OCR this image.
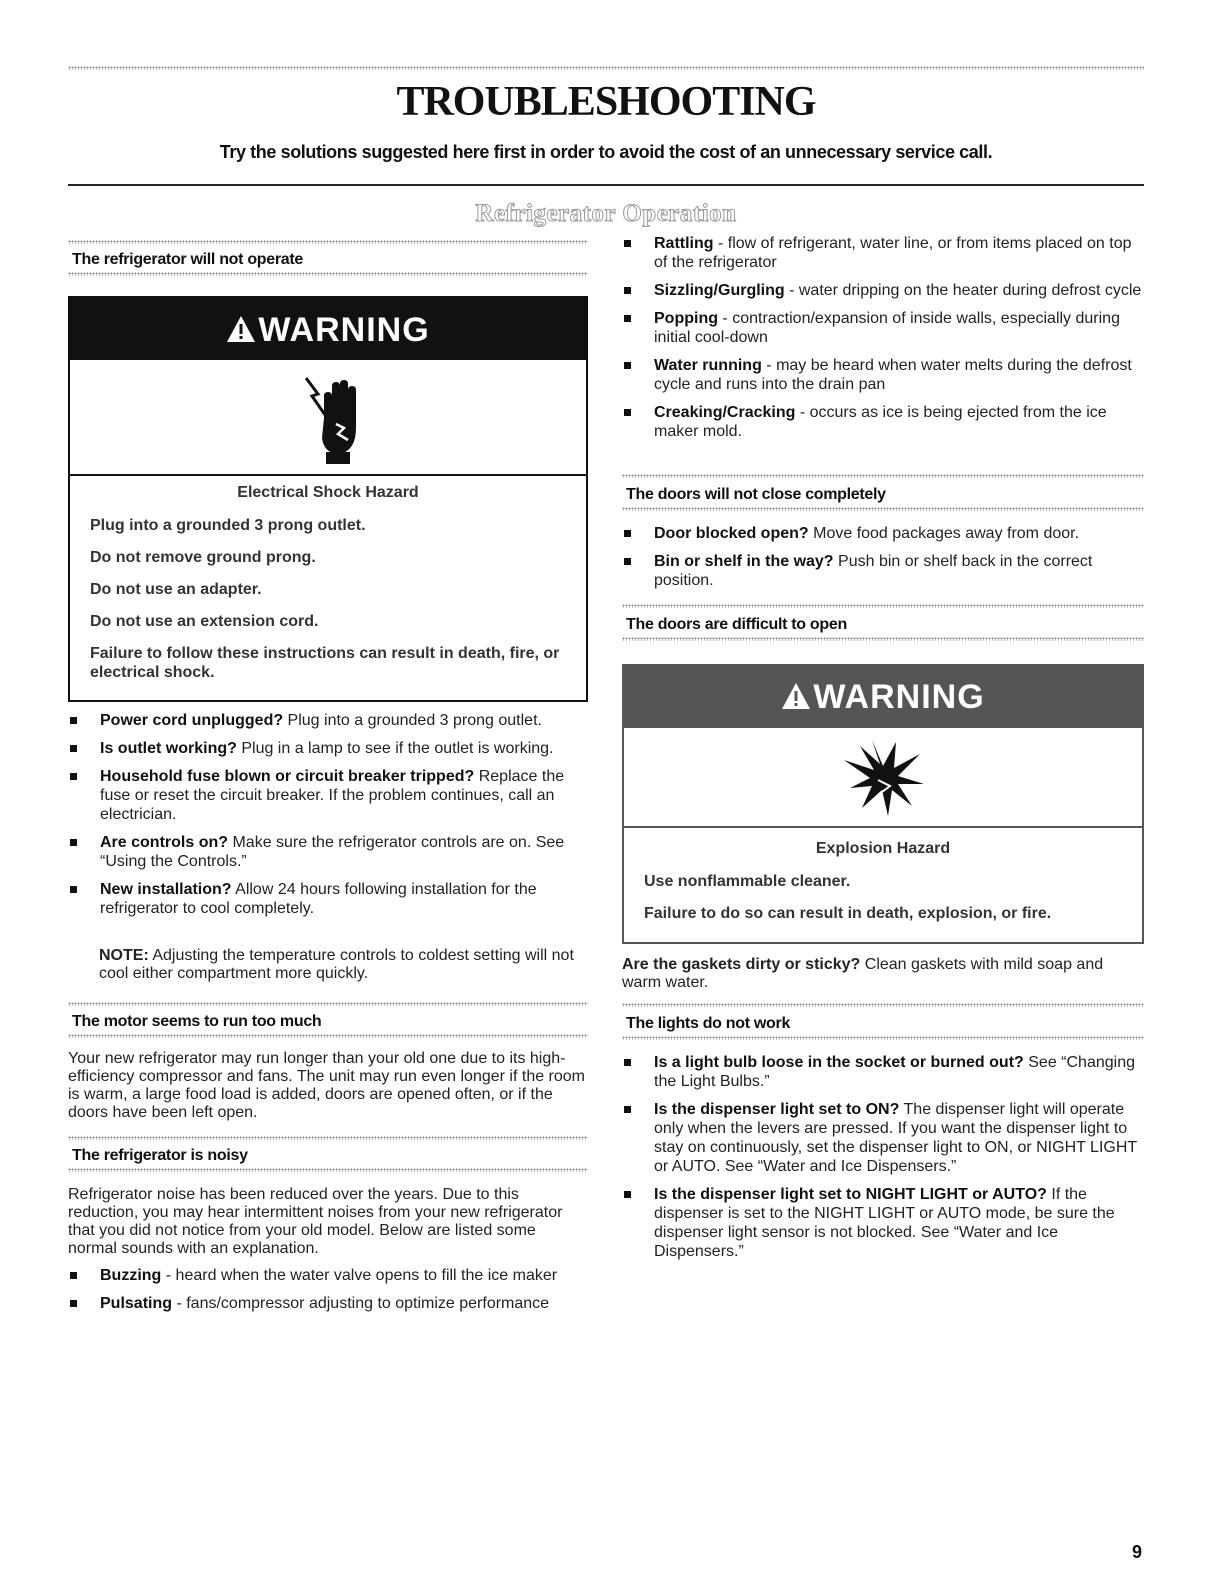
TROUBLESHOOTING

Try the solutions suggested here first in order to avoid the cost of an unnecessary service call.

Refrigerator Operation
The refrigerator will not operate
WARNING
Electrical Shock Hazard

Plug into a grounded 3 prong outlet.

Do not remove ground prong.

Do not use an adapter.

Do not use an extension cord.

Failure to follow these instructions can result in death, fire, or electrical shock.

Power cord unplugged? Plug into a grounded 3 prong outlet.
Is outlet working? Plug in a lamp to see if the outlet is working.
Household fuse blown or circuit breaker tripped? Replace the fuse or reset the circuit breaker. If the problem continues, call an electrician.
Are controls on? Make sure the refrigerator controls are on. See “Using the Controls.”
New installation? Allow 24 hours following installation for the refrigerator to cool completely.

NOTE: Adjusting the temperature controls to coldest setting will not cool either compartment more quickly.

The motor seems to run too much

Your new refrigerator may run longer than your old one due to its high-efficiency compressor and fans. The unit may run even longer if the room is warm, a large food load is added, doors are opened often, or if the doors have been left open.

The refrigerator is noisy

Refrigerator noise has been reduced over the years. Due to this reduction, you may hear intermittent noises from your new refrigerator that you did not notice from your old model. Below are listed some normal sounds with an explanation.

Buzzing - heard when the water valve opens to fill the ice maker
Pulsating - fans/compressor adjusting to optimize performance
Rattling - flow of refrigerant, water line, or from items placed on top of the refrigerator
Sizzling/Gurgling - water dripping on the heater during defrost cycle
Popping - contraction/expansion of inside walls, especially during initial cool-down
Water running - may be heard when water melts during the defrost cycle and runs into the drain pan
Creaking/Cracking - occurs as ice is being ejected from the ice maker mold.
The doors will not close completely
Door blocked open? Move food packages away from door.
Bin or shelf in the way? Push bin or shelf back in the correct position.
The doors are difficult to open
WARNING
Explosion Hazard

Use nonflammable cleaner.

Failure to do so can result in death, explosion, or fire.

Are the gaskets dirty or sticky? Clean gaskets with mild soap and warm water.

The lights do not work
Is a light bulb loose in the socket or burned out? See “Changing the Light Bulbs.”
Is the dispenser light set to ON? The dispenser light will operate only when the levers are pressed. If you want the dispenser light to stay on continuously, set the dispenser light to ON, or NIGHT LIGHT or AUTO. See “Water and Ice Dispensers.”
Is the dispenser light set to NIGHT LIGHT or AUTO? If the dispenser is set to the NIGHT LIGHT or AUTO mode, be sure the dispenser light sensor is not blocked. See “Water and Ice Dispensers.”
9
